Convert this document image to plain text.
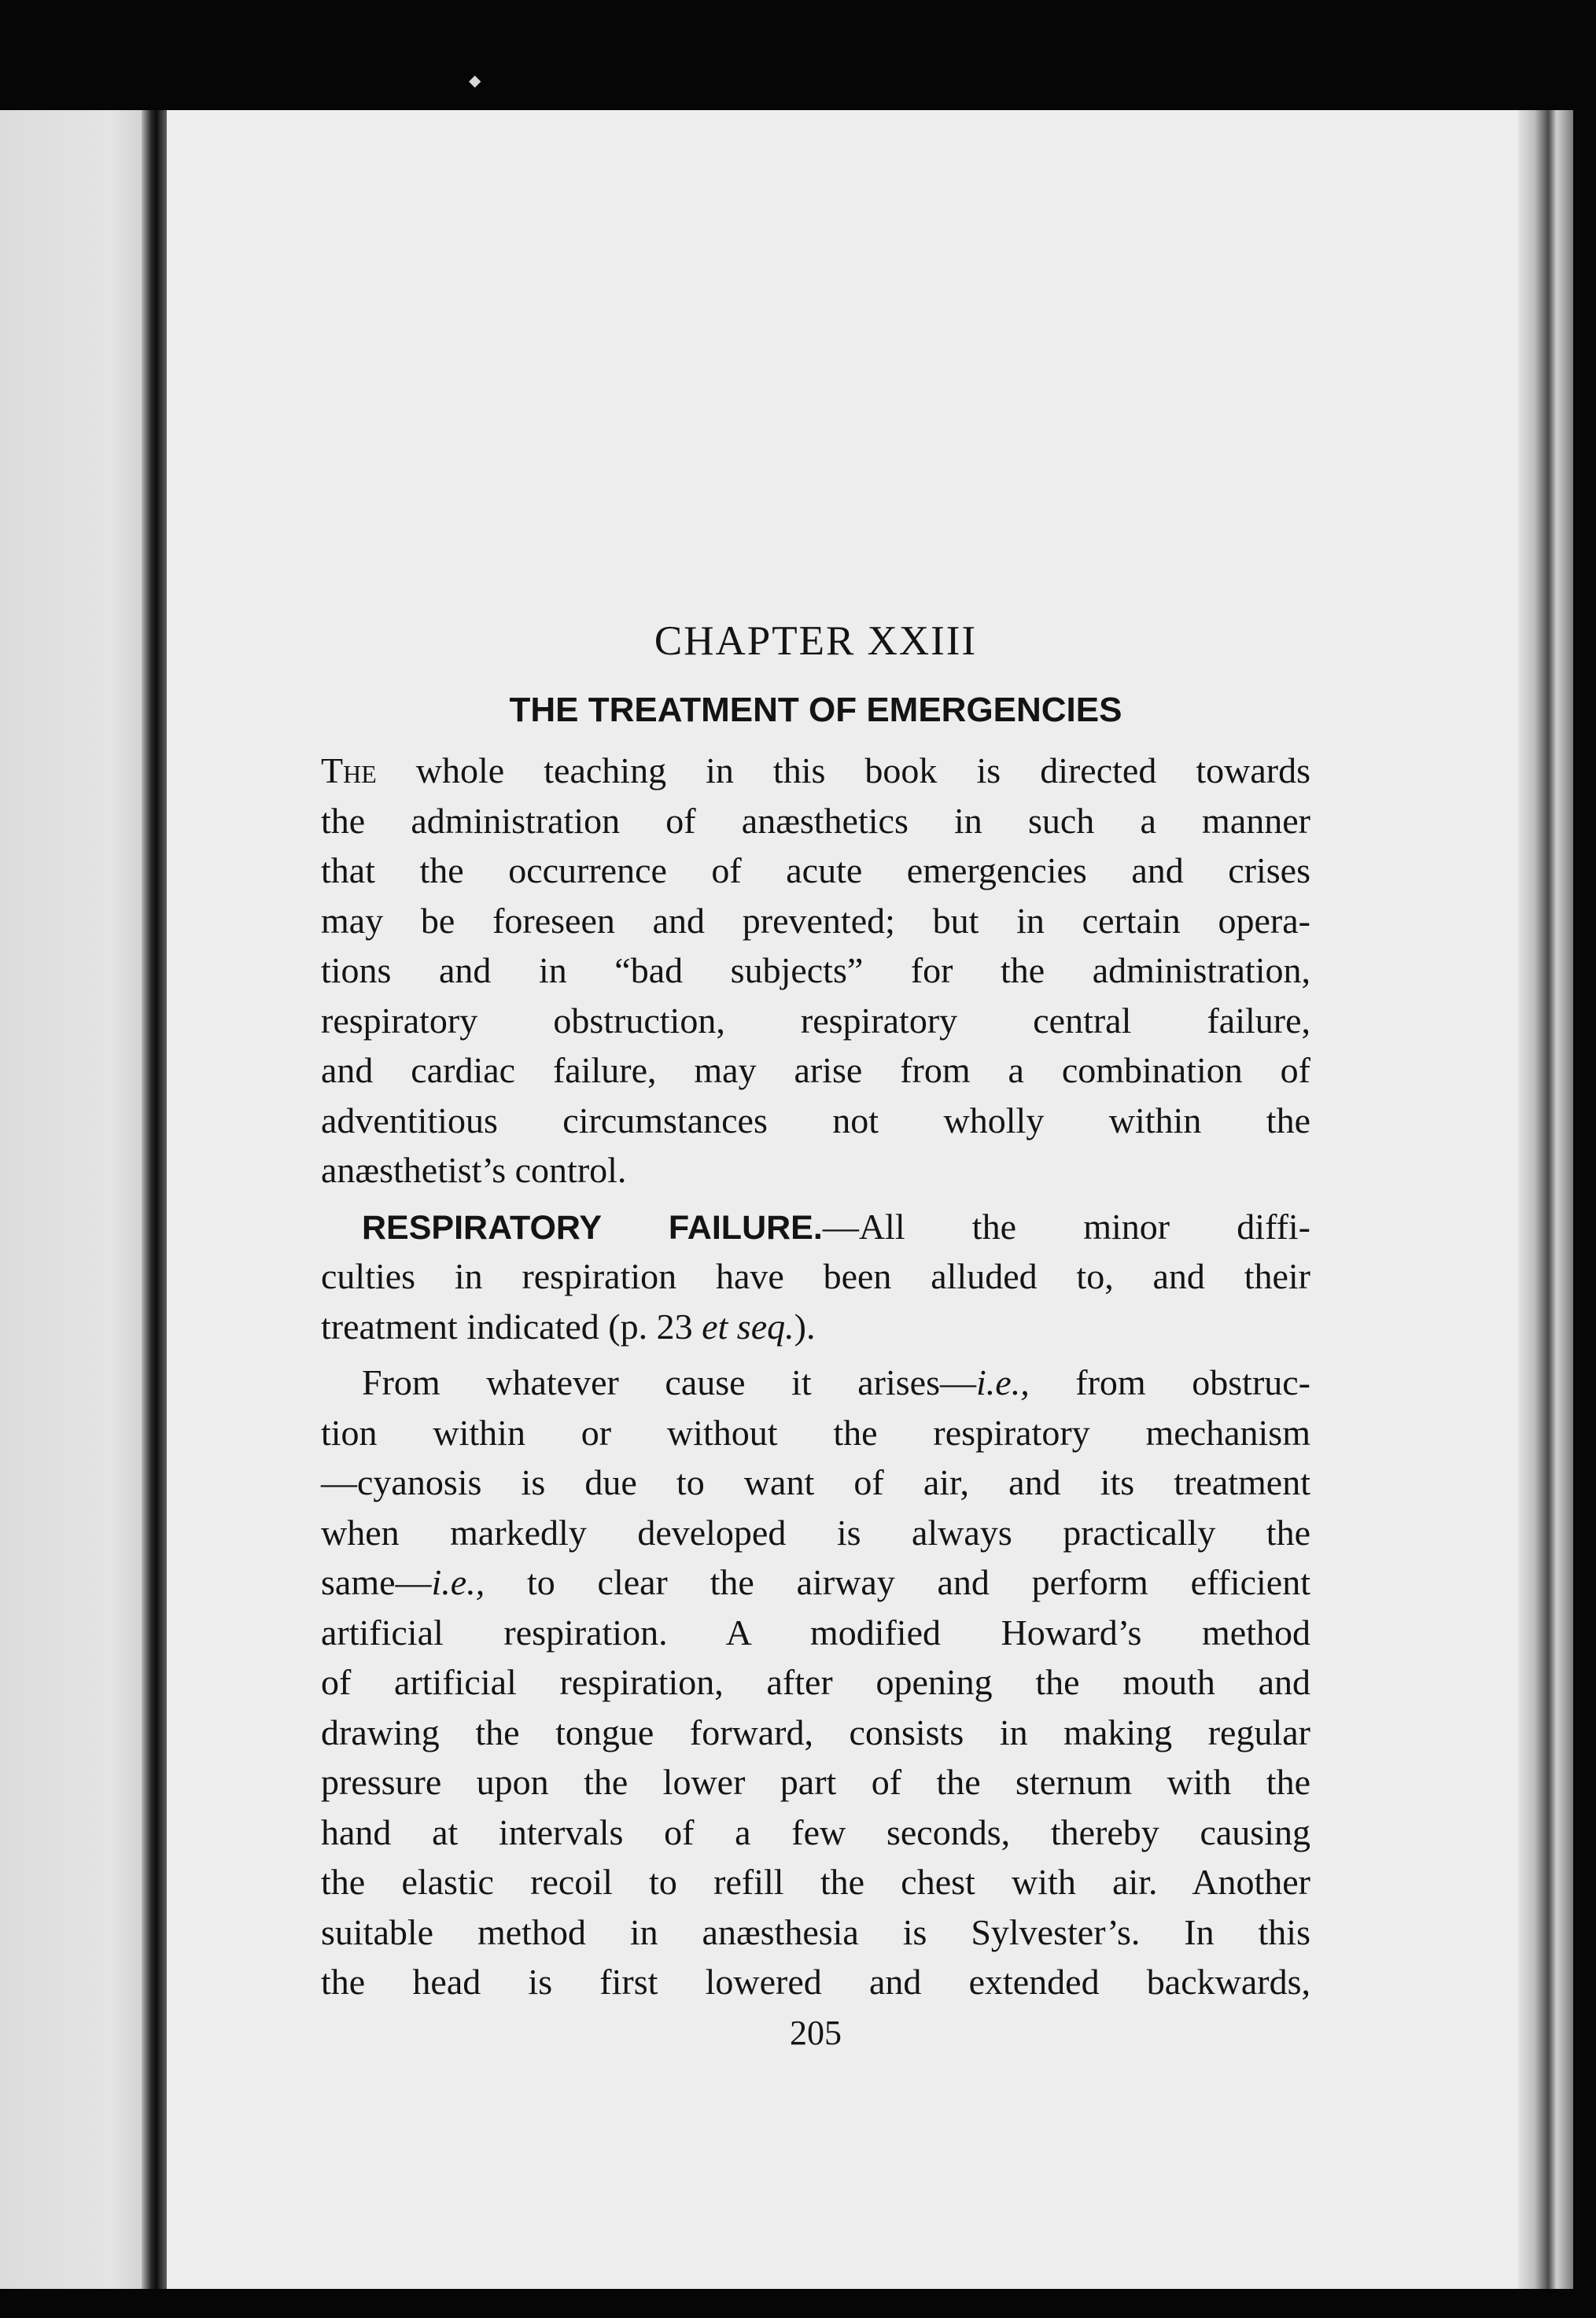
◆
CHAPTER XXIII
THE TREATMENT OF EMERGENCIES
The whole teaching in this book is directed towards
the administration of anæsthetics in such a manner
that the occurrence of acute emergencies and crises
may be foreseen and prevented; but in certain opera-
tions and in “bad subjects” for the administration,
respiratory obstruction, respiratory central failure,
and cardiac failure, may arise from a combination of
adventitious circumstances not wholly within the
anæsthetist’s control.
RESPIRATORY FAILURE.—All the minor diffi-
culties in respiration have been alluded to, and their
treatment indicated (p. 23 et seq.).
From whatever cause it arises—i.e., from obstruc-
tion within or without the respiratory mechanism
—cyanosis is due to want of air, and its treatment
when markedly developed is always practically the
same—i.e., to clear the airway and perform efficient
artificial respiration. A modified Howard’s method
of artificial respiration, after opening the mouth and
drawing the tongue forward, consists in making regular
pressure upon the lower part of the sternum with the
hand at intervals of a few seconds, thereby causing
the elastic recoil to refill the chest with air. Another
suitable method in anæsthesia is Sylvester’s. In this
the head is first lowered and extended backwards,
205
